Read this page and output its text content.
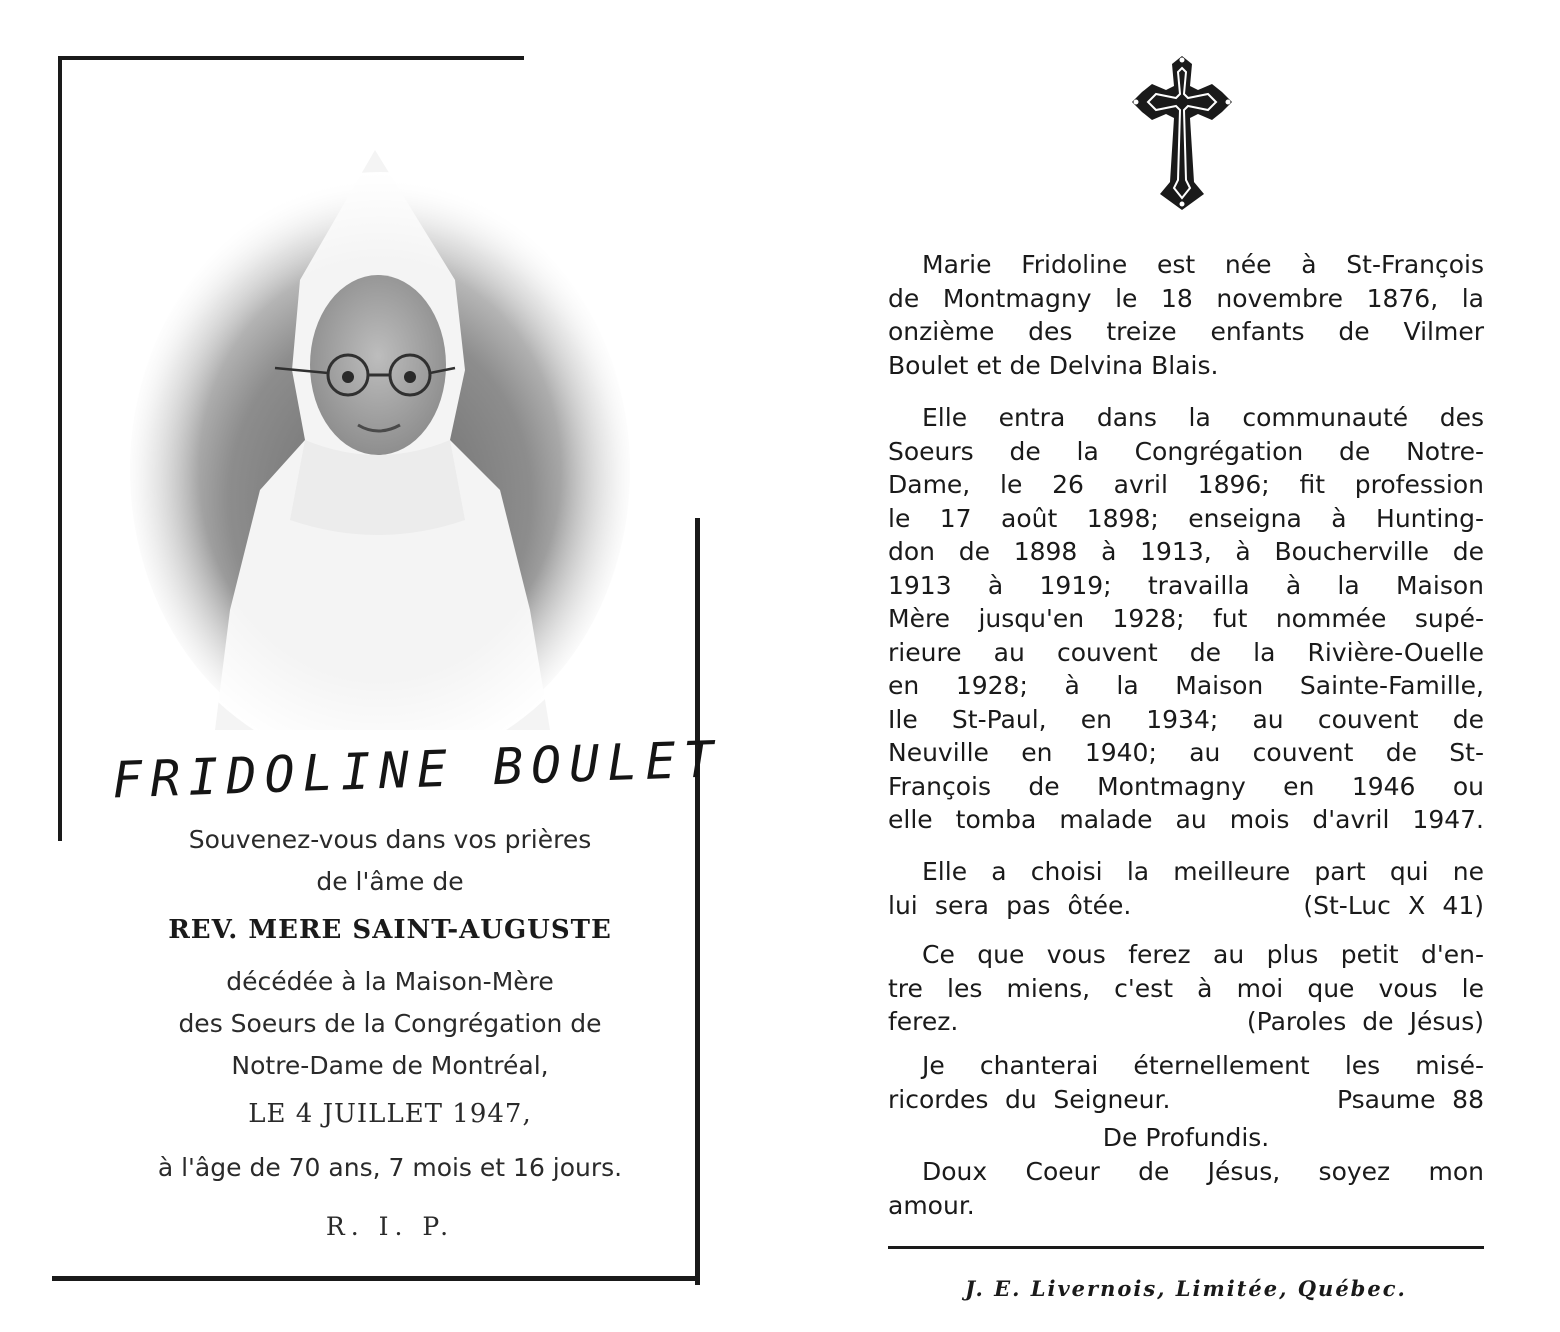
FRIDOLINE BOULET
Souvenez-vous dans vos prières
de l'âme de
REV. MERE SAINT-AUGUSTE
décédée à la Maison-Mère
des Soeurs de la Congrégation de
Notre-Dame de Montréal,
LE 4 JUILLET 1947,
à l'âge de 70 ans, 7 mois et 16 jours.
R. I. P.
Marie Fridoline est née à St-François
de Montmagny le 18 novembre 1876, la
onzième des treize enfants de Vilmer
Boulet et de Delvina Blais.
Elle entra dans la communauté des
Soeurs de la Congrégation de Notre-
Dame, le 26 avril 1896; fit profession
le 17 août 1898; enseigna à Hunting-
don de 1898 à 1913, à Boucherville de
1913 à 1919; travailla à la Maison
Mère jusqu'en 1928; fut nommée supé-
rieure au couvent de la Rivière-Ouelle
en 1928; à la Maison Sainte-Famille,
Ile St-Paul, en 1934; au couvent de
Neuville en 1940; au couvent de St-
François de Montmagny en 1946 ou
elle tomba malade au mois d'avril 1947.
Elle a choisi la meilleure part qui ne
lui sera pas ôtée.          (St-Luc X 41)
Ce que vous ferez au plus petit d'en-
tre les miens, c'est à moi que vous le
ferez.                  (Paroles de Jésus)
Je chanterai éternellement les misé-
ricordes du Seigneur.          Psaume 88
De Profundis.
Doux Coeur de Jésus, soyez mon
amour.
J. E. Livernois, Limitée, Québec.
